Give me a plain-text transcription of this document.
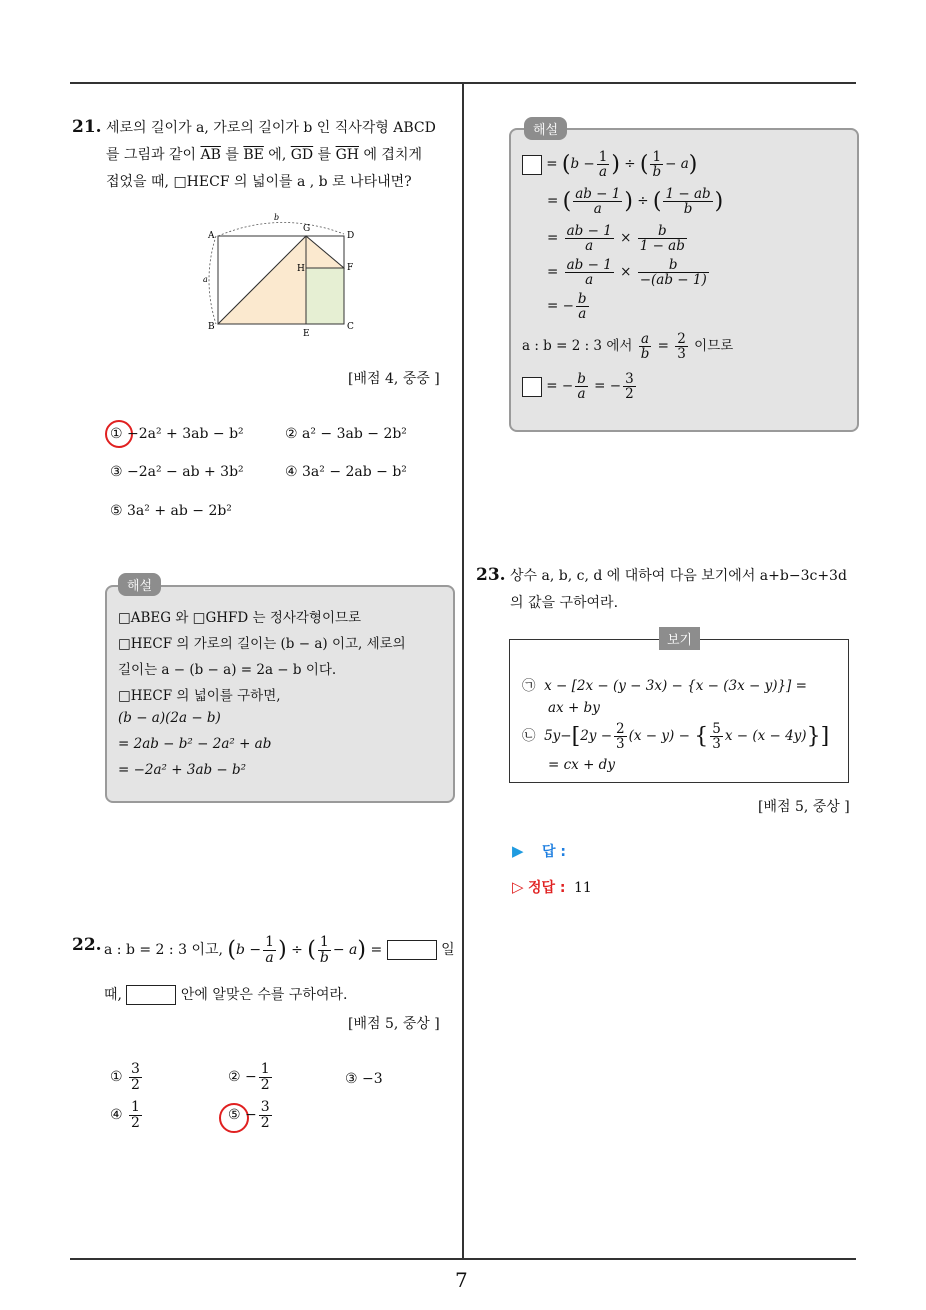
7
21. 세로의 길이가 a, 가로의 길이가 b 인 직사각형 ABCD
를 그림과 같이 $\overline{AB}$ 를 $\overline{BE}$ 에, $\overline{GD}$ 를 $\overline{GH}$ 에 겹치게
접었을 때, □HECF 의 넓이를 a , b 로 나타내면?
b
a
A
G
D
H	F
B
E
C
[배점 4, 중중 ]
① −2a² + 3ab − b²	② a² − 3ab − 2b²
③ −2a² − ab + 3b²	④ 3a² − 2ab − b²
⑤ 3a² + ab − 2b²
해설
□ABEG 와 □GHFD 는 정사각형이므로
□HECF 의 가로의 길이는 (b − a) 이고, 세로의
길이는 a − (b − a) = 2a − b 이다.
□HECF 의 넓이를 구하면,
(b − a)(2a − b)
= 2ab − b² − 2a² + ab
= −2a² + 3ab − b²
22. a : b = 2 : 3 이고, ($b - \frac{1}{a}$ ) ÷ ( $\frac{1}{b} - a$) =	일
때,	안에 알맞은 수를 구하여라.
[배점 5, 중상 ]
① $\frac{3}{2}$	② − $\frac{1}{2}$	③ −3
④ $\frac{1}{2}$	⑤ − $\frac{3}{2}$
해설
= ($b - \frac{1}{a}$ ) ÷ ( $\frac{1}{b} - a$)
= ( $\frac{ab - 1}{a}$ ) ÷ ( $\frac{1 - ab}{b}$ )
= $\frac{ab - 1}{a} \times \frac{b}{1 - ab}$
= $\frac{ab - 1}{a} \times \frac{b}{-(ab - 1)}$
= − $\frac{b}{a}$
a : b = 2 : 3 에서 $\frac{a}{b} = \frac{2}{3}$ 이므로
= − $\frac{b}{a}$ = − $\frac{3}{2}$
23. 상수 a, b, c, d 에 대하여 다음 보기에서 a+b−3c+3d
의 값을 구하여라.
보기
㉠ x − [2x − (y − 3x) − {x − (3x − y)}] =
ax + by
㉡ $5y-[2y - \frac{2}{3} (x - y)$ − { $\frac{5}{3}$ x − (x − 4y)}]
= cx + dy
[배점 5, 중상 ]
▶ 답 :
▷ 정답 : 11
